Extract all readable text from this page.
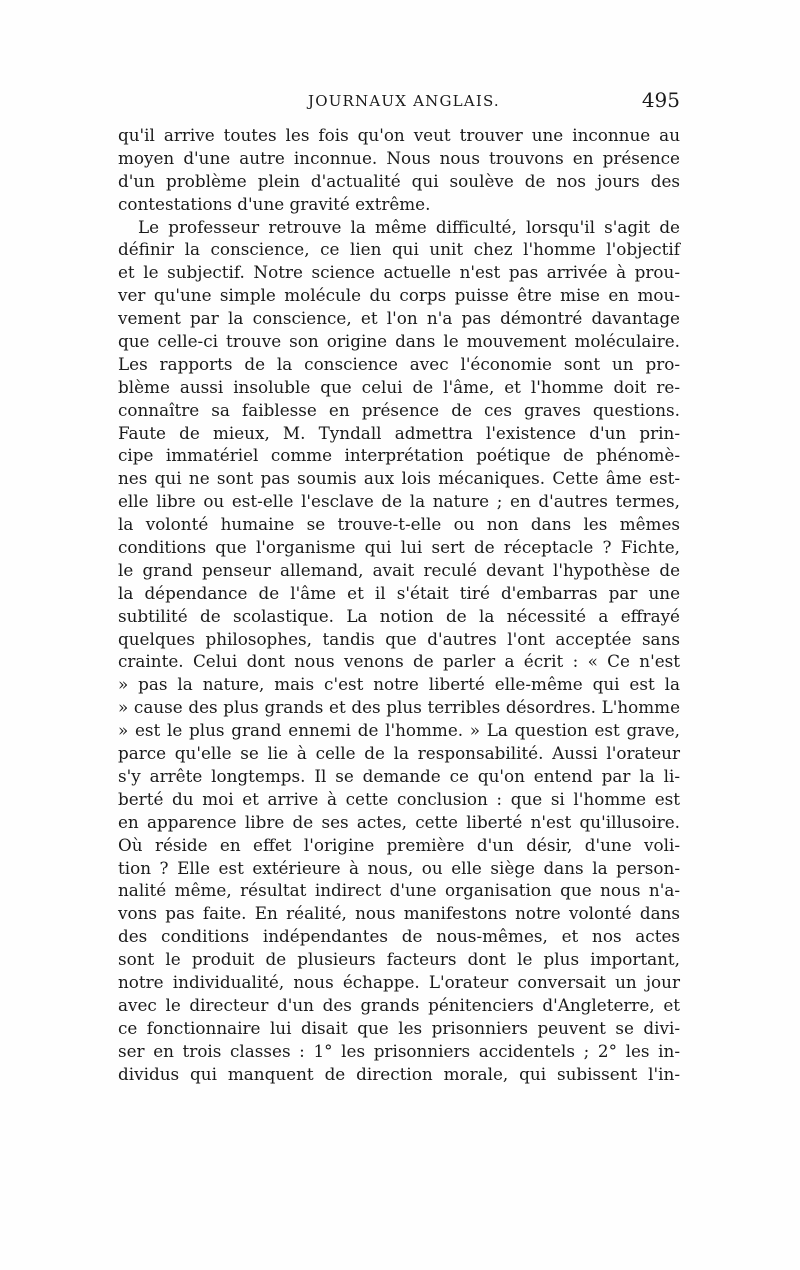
JOURNAUX ANGLAIS.	495
qu'il arrive toutes les fois qu'on veut trouver une inconnue au
moyen d'une autre inconnue. Nous nous trouvons en présence
d'un problème plein d'actualité qui soulève de nos jours des
contestations d'une gravité extrême.
Le professeur retrouve la même difficulté, lorsqu'il s'agit de
définir la conscience, ce lien qui unit chez l'homme l'objectif
et le subjectif. Notre science actuelle n'est pas arrivée à prou-
ver qu'une simple molécule du corps puisse être mise en mou-
vement par la conscience, et l'on n'a pas démontré davantage
que celle-ci trouve son origine dans le mouvement moléculaire.
Les rapports de la conscience avec l'économie sont un pro-
blème aussi insoluble que celui de l'âme, et l'homme doit re-
connaître sa faiblesse en présence de ces graves questions.
Faute de mieux, M. Tyndall admettra l'existence d'un prin-
cipe immatériel comme interprétation poétique de phénomè-
nes qui ne sont pas soumis aux lois mécaniques. Cette âme est-
elle libre ou est-elle l'esclave de la nature ; en d'autres termes,
la volonté humaine se trouve-t-elle ou non dans les mêmes
conditions que l'organisme qui lui sert de réceptacle ? Fichte,
le grand penseur allemand, avait reculé devant l'hypothèse de
la dépendance de l'âme et il s'était tiré d'embarras par une
subtilité de scolastique. La notion de la nécessité a effrayé
quelques philosophes, tandis que d'autres l'ont acceptée sans
crainte. Celui dont nous venons de parler a écrit : « Ce n'est
» pas la nature, mais c'est notre liberté elle-même qui est la
» cause des plus grands et des plus terribles désordres. L'homme
» est le plus grand ennemi de l'homme. » La question est grave,
parce qu'elle se lie à celle de la responsabilité. Aussi l'orateur
s'y arrête longtemps. Il se demande ce qu'on entend par la li-
berté du moi et arrive à cette conclusion : que si l'homme est
en apparence libre de ses actes, cette liberté n'est qu'illusoire.
Où réside en effet l'origine première d'un désir, d'une voli-
tion ? Elle est extérieure à nous, ou elle siège dans la person-
nalité même, résultat indirect d'une organisation que nous n'a-
vons pas faite. En réalité, nous manifestons notre volonté dans
des conditions indépendantes de nous-mêmes, et nos actes
sont le produit de plusieurs facteurs dont le plus important,
notre individualité, nous échappe. L'orateur conversait un jour
avec le directeur d'un des grands pénitenciers d'Angleterre, et
ce fonctionnaire lui disait que les prisonniers peuvent se divi-
ser en trois classes : 1° les prisonniers accidentels ; 2° les in-
dividus qui manquent de direction morale, qui subissent l'in-
